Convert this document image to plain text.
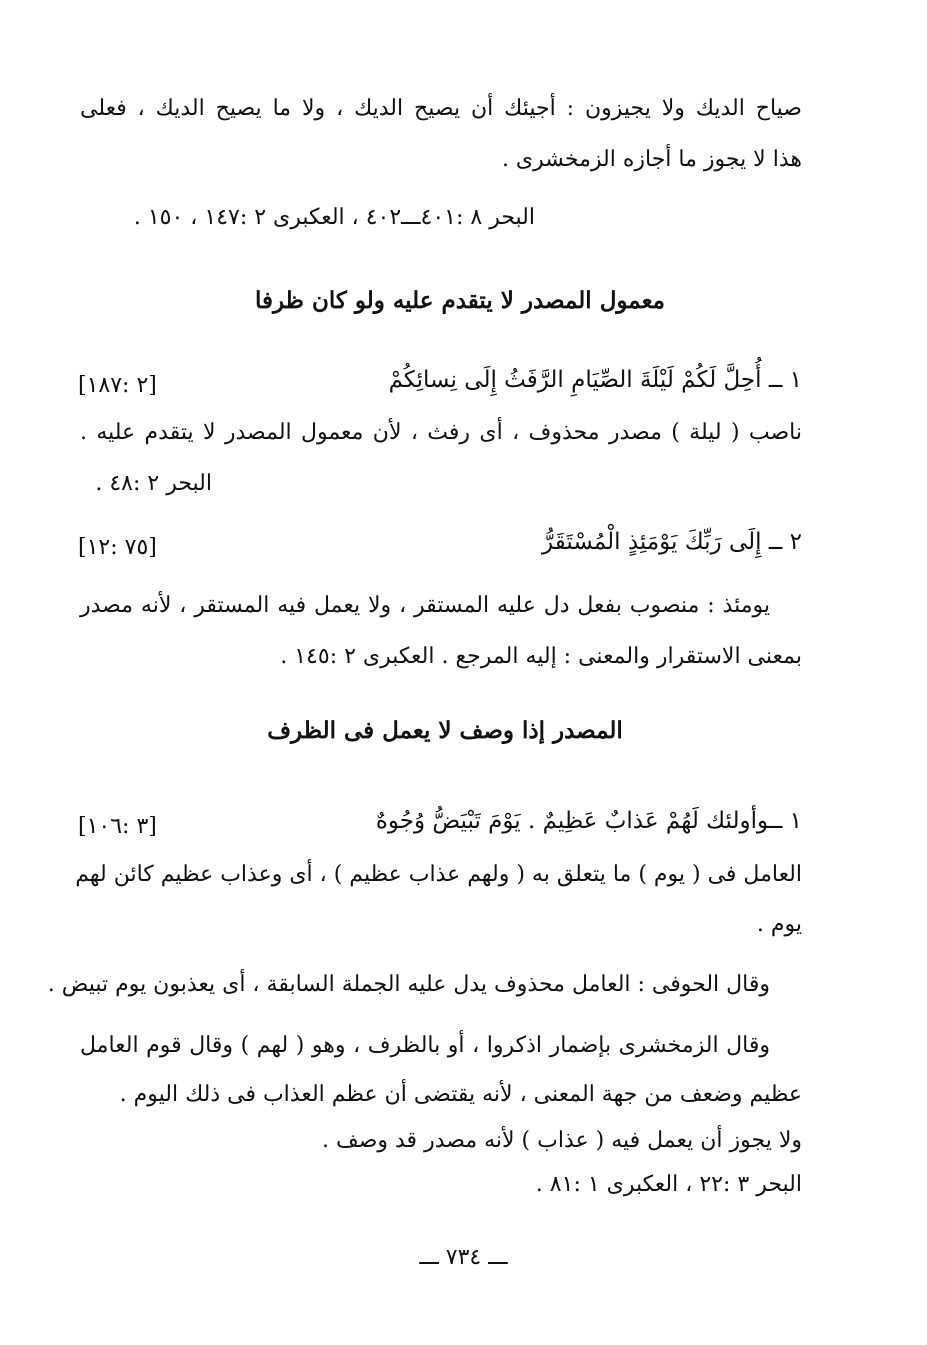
صياح الديك ولا يجيزون : أجيئك أن يصيح الديك ، ولا ما يصيح الديك ، فعلى
هذا لا يجوز ما أجازه الزمخشرى .
البحر ٨ :٤٠١ـــ٤٠٢ ، العكبرى ٢ :١٤٧ ، ١٥٠ .
معمول المصدر لا يتقدم عليه ولو كان ظرفا
١ ــ أُحِلَّ لَكُمْ لَيْلَةَ الصِّيَامِ الرَّفَثُ إِلَى نِسائِكُمْ
[٢ :١٨٧]
ناصب ( ليلة ) مصدر محذوف ، أى رفث ، لأن معمول المصدر لا يتقدم عليه .
البحر ٢ :٤٨ .
٢ ــ إِلَى رَبِّكَ يَوْمَئِذٍ الْمُسْتَقَرُّ
[٧٥ :١٢]
يومئذ : منصوب بفعل دل عليه المستقر ، ولا يعمل فيه المستقر ، لأنه مصدر
بمعنى الاستقرار والمعنى : إليه المرجع . العكبرى ٢ :١٤٥ .
المصدر إذا وصف لا يعمل فى الظرف
١ ــوأولئك لَهُمْ عَذابٌ عَظِيمٌ . يَوْمَ تَبْيَضُّ وُجُوهٌ
[٣ :١٠٦]
العامل فى ( يوم ) ما يتعلق به ( ولهم عذاب عظيم ) ، أى وعذاب عظيم كائن لهم
يوم .
وقال الحوفى : العامل محذوف يدل عليه الجملة السابقة ، أى يعذبون يوم تبيض .
وقال الزمخشرى بإضمار اذكروا ، أو بالظرف ، وهو ( لهم ) وقال قوم العامل
عظيم وضعف من جهة المعنى ، لأنه يقتضى أن عظم العذاب فى ذلك اليوم .
ولا يجوز أن يعمل فيه ( عذاب ) لأنه مصدر قد وصف .
البحر ٣ :٢٢ ، العكبرى ١ :٨١ .
ـــ ٧٣٤ ـــ
